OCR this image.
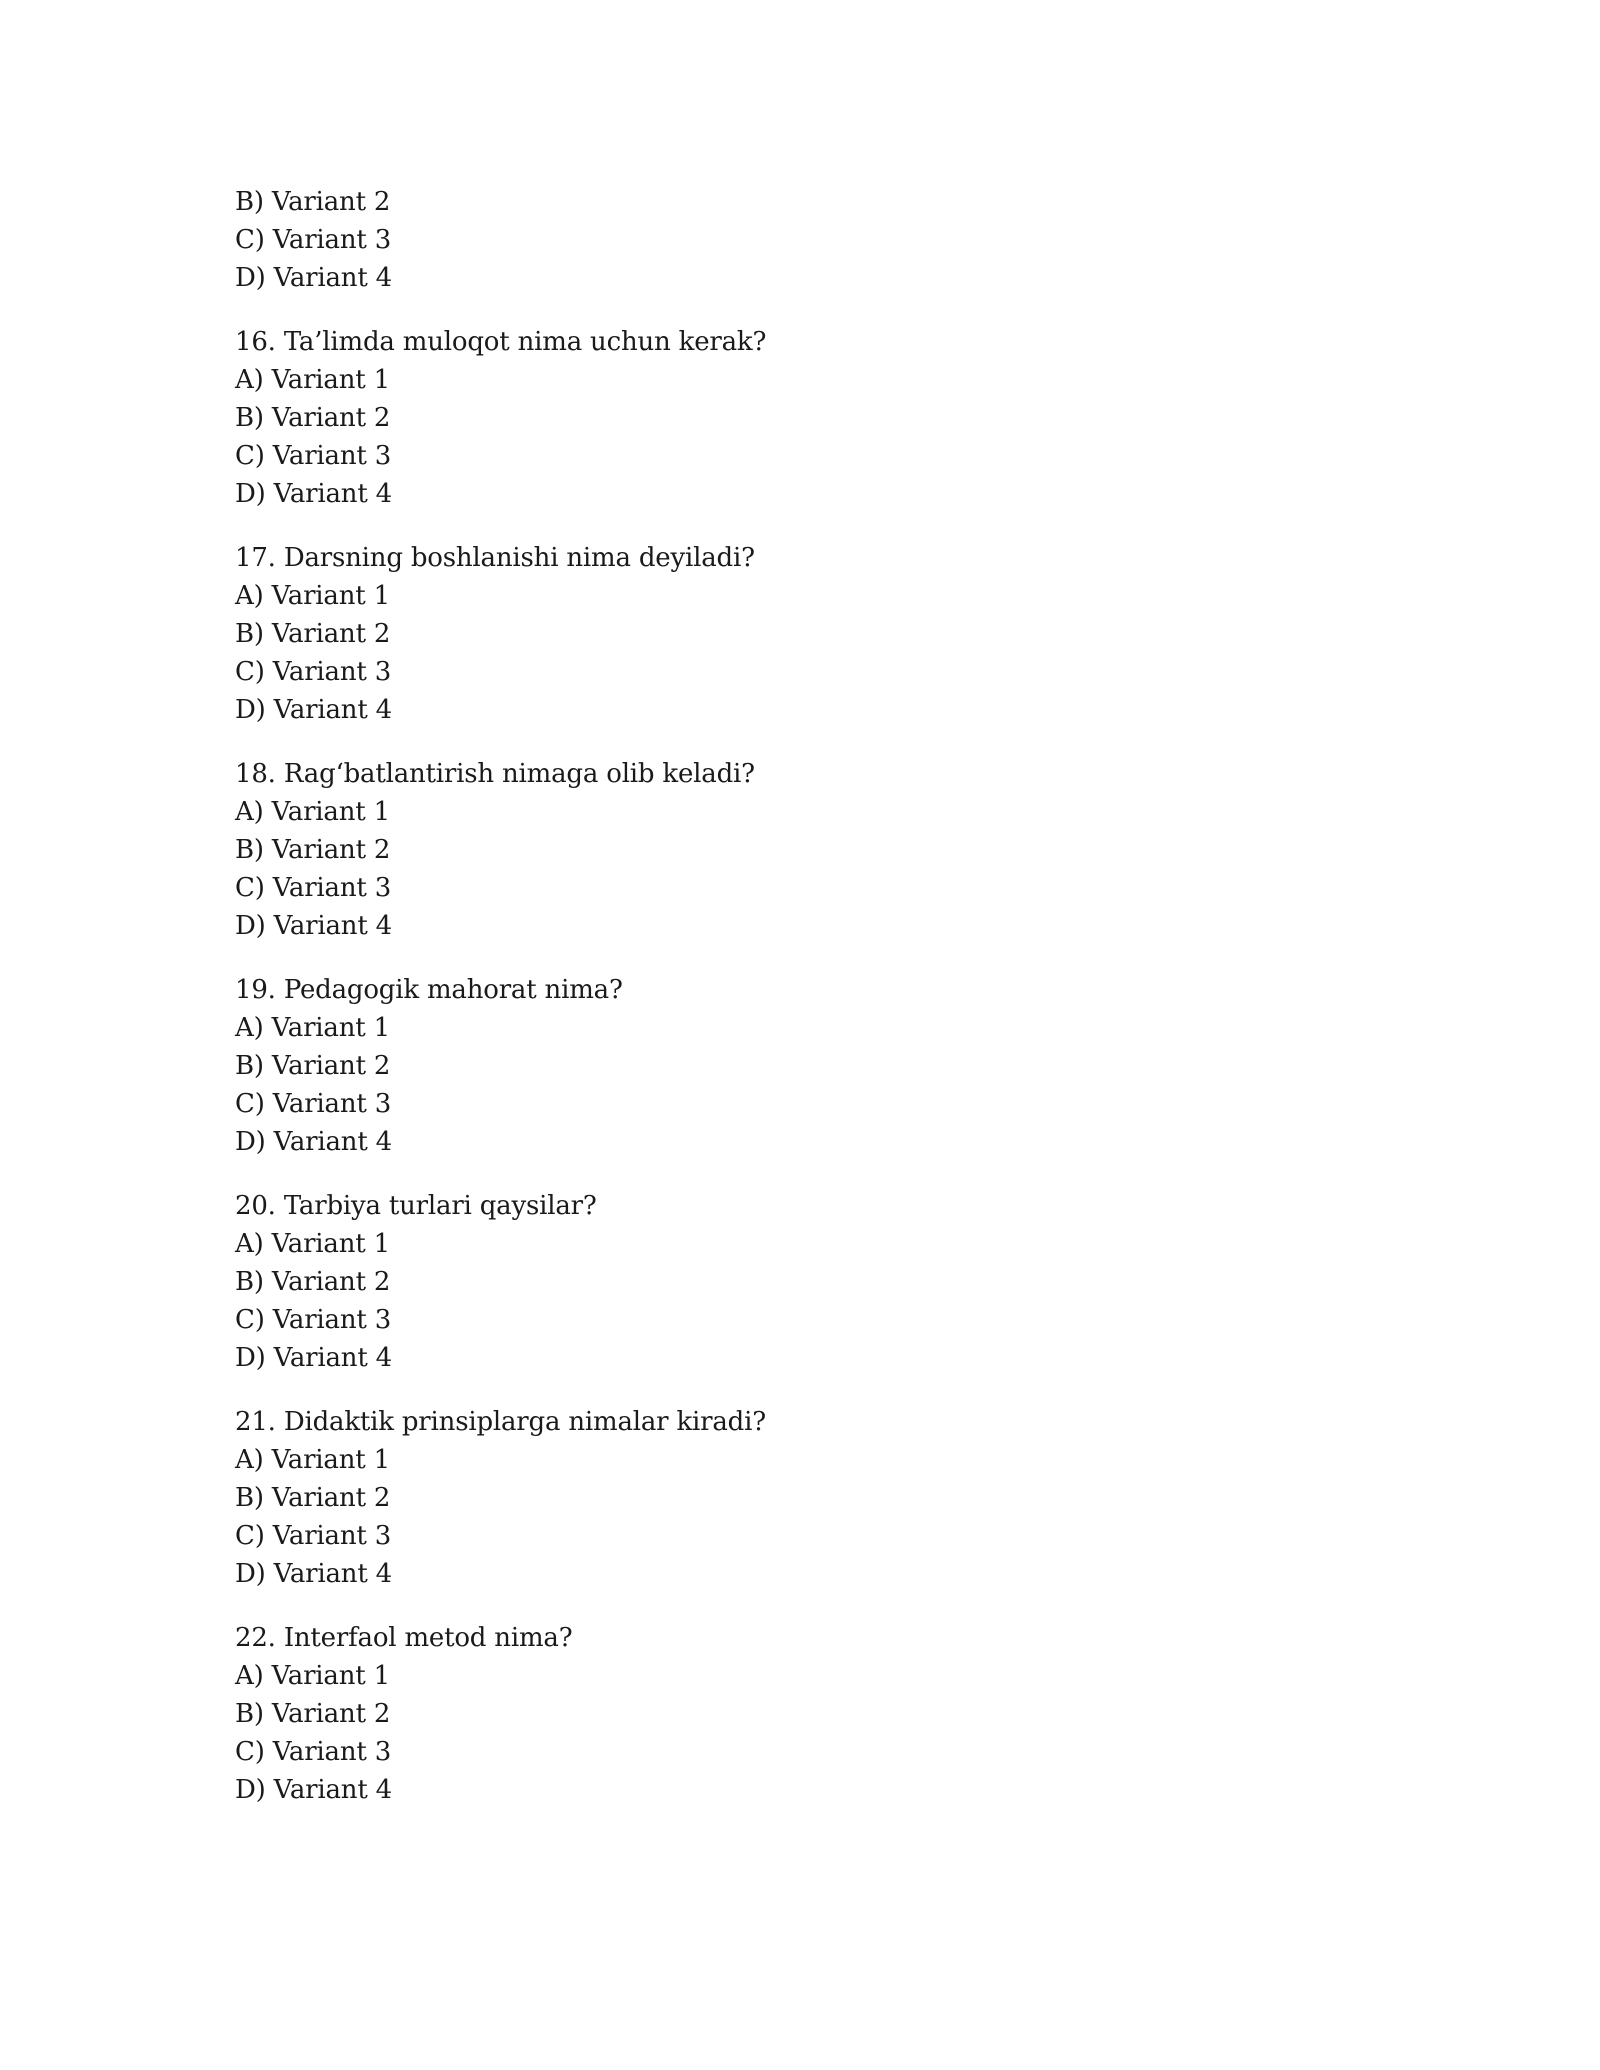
B) Variant 2
C) Variant 3
D) Variant 4
16. Ta’limda muloqot nima uchun kerak?
A) Variant 1
B) Variant 2
C) Variant 3
D) Variant 4
17. Darsning boshlanishi nima deyiladi?
A) Variant 1
B) Variant 2
C) Variant 3
D) Variant 4
18. Rag‘batlantirish nimaga olib keladi?
A) Variant 1
B) Variant 2
C) Variant 3
D) Variant 4
19. Pedagogik mahorat nima?
A) Variant 1
B) Variant 2
C) Variant 3
D) Variant 4
20. Tarbiya turlari qaysilar?
A) Variant 1
B) Variant 2
C) Variant 3
D) Variant 4
21. Didaktik prinsiplarga nimalar kiradi?
A) Variant 1
B) Variant 2
C) Variant 3
D) Variant 4
22. Interfaol metod nima?
A) Variant 1
B) Variant 2
C) Variant 3
D) Variant 4
